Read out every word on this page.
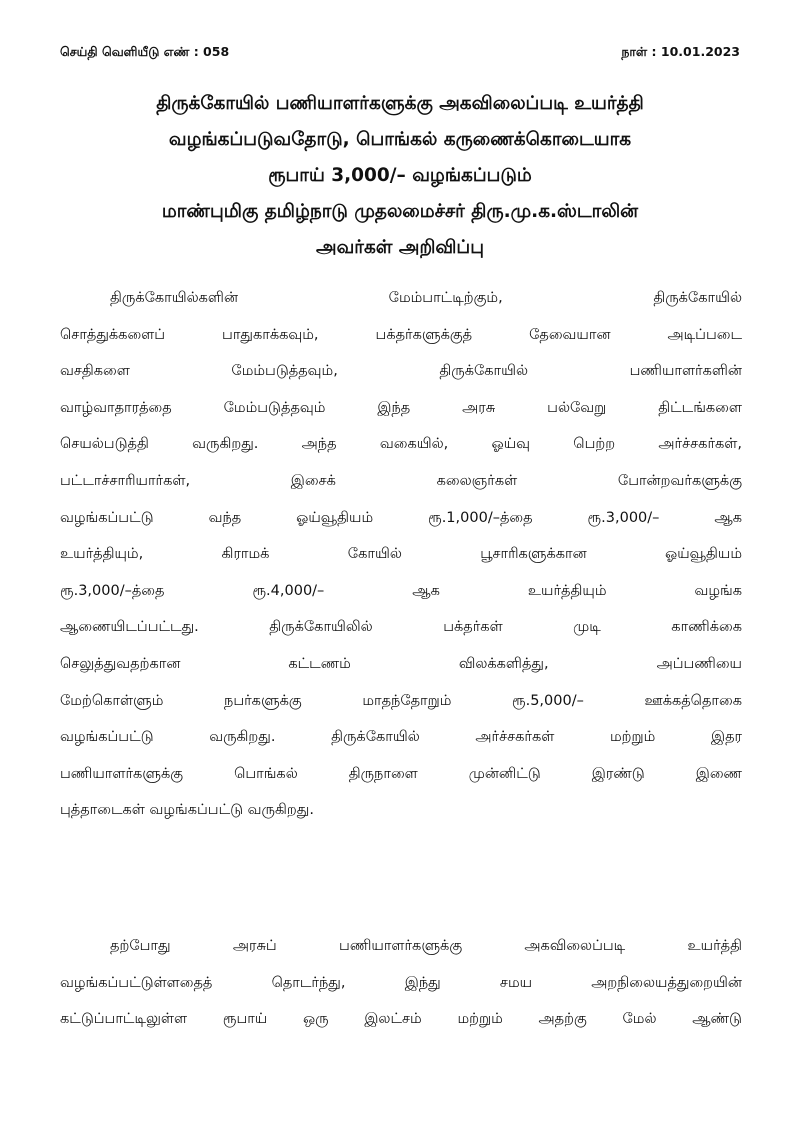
செய்தி வெளியீடு எண் : 058	நாள் : 10.01.2023
திருக்கோயில் பணியாளர்களுக்கு அகவிலைப்படி உயர்த்தி
வழங்கப்படுவதோடு, பொங்கல் கருணைக்கொடையாக
ரூபாய் 3,000/– வழங்கப்படும்
மாண்புமிகு தமிழ்நாடு முதலமைச்சர் திரு.மு.க.ஸ்டாலின்
அவர்கள் அறிவிப்பு
திருக்கோயில்களின் மேம்பாட்டிற்கும், திருக்கோயில்
சொத்துக்களைப் பாதுகாக்கவும், பக்தர்களுக்குத் தேவையான அடிப்படை
வசதிகளை மேம்படுத்தவும், திருக்கோயில் பணியாளர்களின்
வாழ்வாதாரத்தை மேம்படுத்தவும் இந்த அரசு பல்வேறு திட்டங்களை
செயல்படுத்தி வருகிறது. அந்த வகையில், ஓய்வு பெற்ற அர்ச்சகர்கள்,
பட்டாச்சாரியார்கள், இசைக் கலைஞர்கள் போன்றவர்களுக்கு
வழங்கப்பட்டு வந்த ஓய்வூதியம் ரூ.1,000/–த்தை ரூ.3,000/– ஆக
உயர்த்தியும், கிராமக் கோயில் பூசாரிகளுக்கான ஓய்வூதியம்
ரூ.3,000/–த்தை ரூ.4,000/– ஆக உயர்த்தியும் வழங்க
ஆணையிடப்பட்டது. திருக்கோயிலில் பக்தர்கள் முடி காணிக்கை
செலுத்துவதற்கான கட்டணம் விலக்களித்து, அப்பணியை
மேற்கொள்ளும் நபர்களுக்கு மாதந்தோறும் ரூ.5,000/– ஊக்கத்தொகை
வழங்கப்பட்டு வருகிறது. திருக்கோயில் அர்ச்சகர்கள் மற்றும் இதர
பணியாளர்களுக்கு பொங்கல் திருநாளை முன்னிட்டு இரண்டு இணை
புத்தாடைகள் வழங்கப்பட்டு வருகிறது.
தற்போது அரசுப் பணியாளர்களுக்கு அகவிலைப்படி உயர்த்தி
வழங்கப்பட்டுள்ளதைத் தொடர்ந்து, இந்து சமய அறநிலையத்துறையின்
கட்டுப்பாட்டிலுள்ள ரூபாய் ஒரு இலட்சம் மற்றும் அதற்கு மேல் ஆண்டு
